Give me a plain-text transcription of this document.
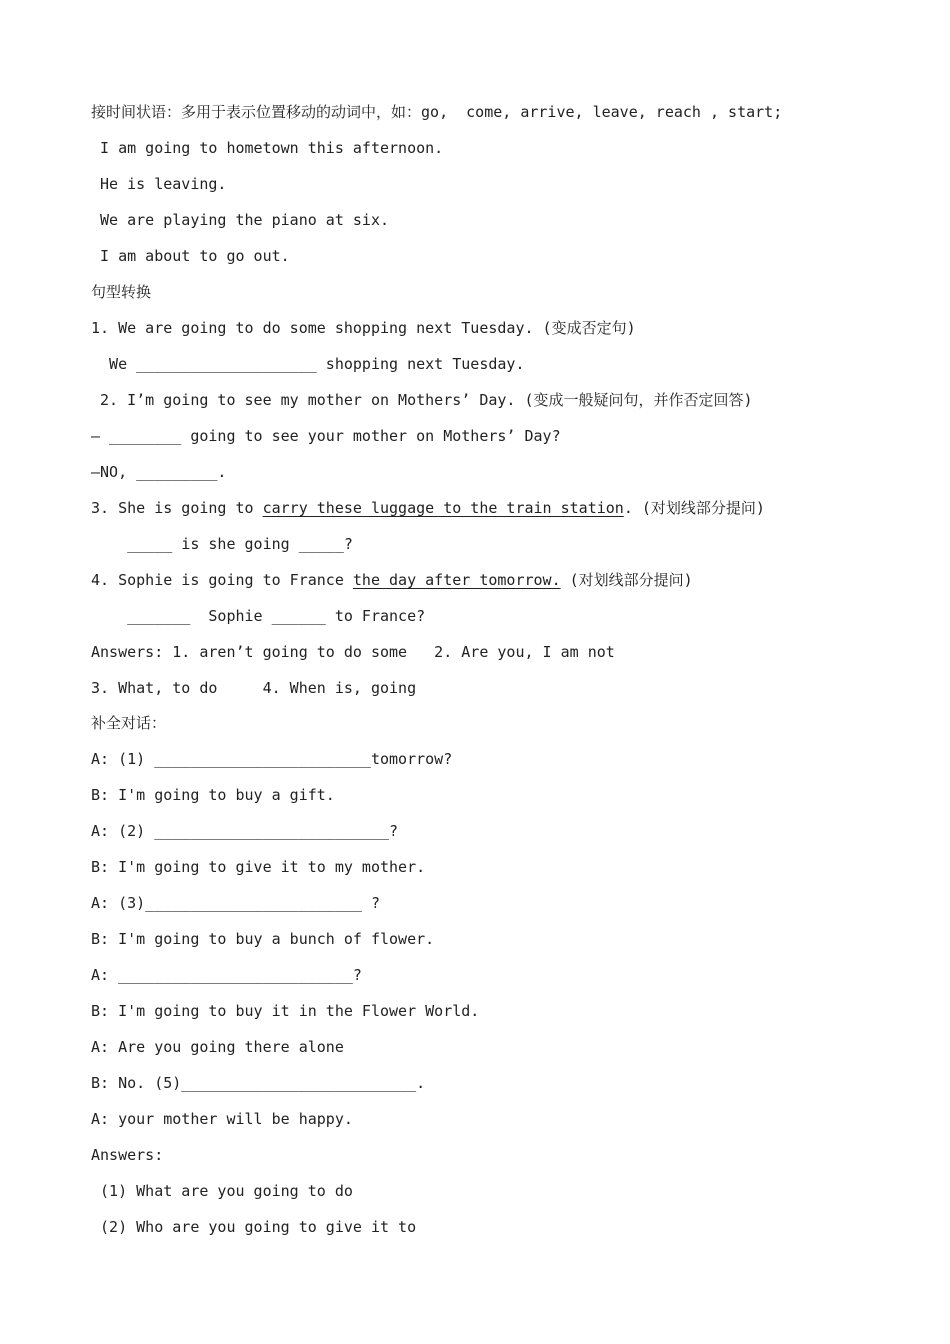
接时间状语：多用于表示位置移动的动词中，如：go,  come, arrive, leave, reach , start;
I am going to hometown this afternoon.
He is leaving.
We are playing the piano at six.
I am about to go out.
句型转换
1. We are going to do some shopping next Tuesday. (变成否定句)
We ____________________ shopping next Tuesday.
2. I’m going to see my mother on Mothers’ Day. (变成一般疑问句，并作否定回答)
— ________ going to see your mother on Mothers’ Day?
—NO, _________.
3. She is going to carry these luggage to the train station. (对划线部分提问)
_____ is she going _____?
4. Sophie is going to France the day after tomorrow. (对划线部分提问)
_______  Sophie ______ to France?
Answers: 1. aren’t going to do some   2. Are you, I am not
3. What, to do     4. When is, going
补全对话：
A: (1) ________________________tomorrow?
B: I'm going to buy a gift.
A: (2) __________________________?
B: I'm going to give it to my mother.
A: (3)________________________ ?
B: I'm going to buy a bunch of flower.
A: __________________________?
B: I'm going to buy it in the Flower World.
A: Are you going there alone
B: No. (5)__________________________.
A: your mother will be happy.
Answers:
(1) What are you going to do
(2) Who are you going to give it to
